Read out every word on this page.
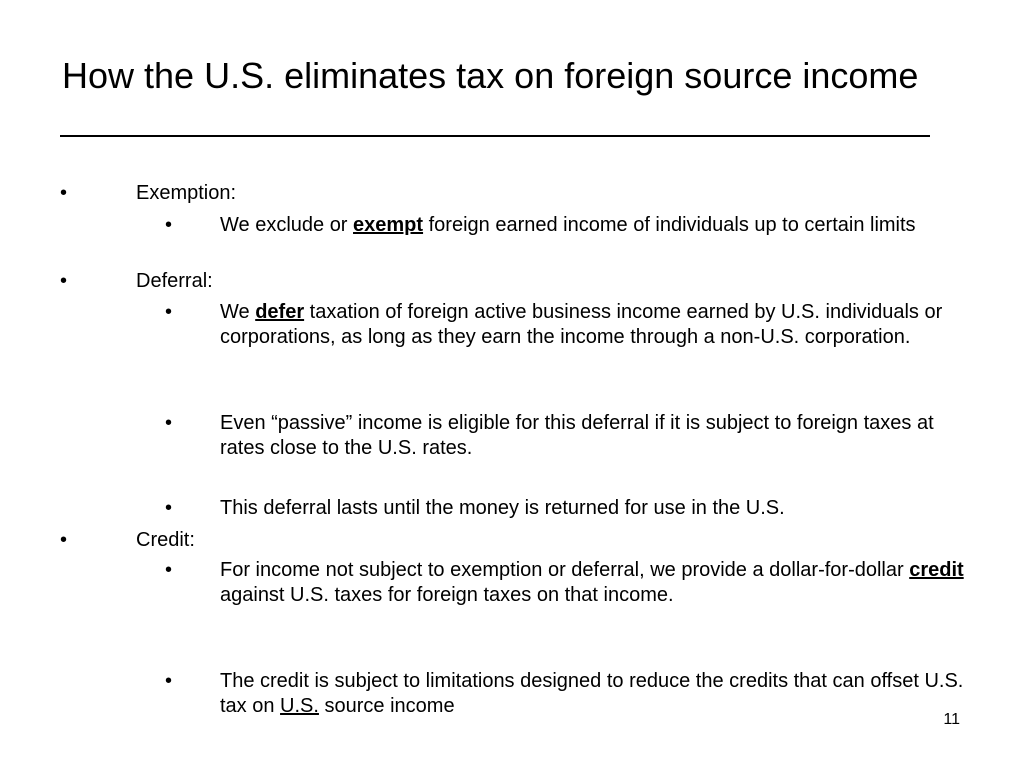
How the U.S. eliminates tax on foreign source income
•	Exemption:
• We exclude or exempt foreign earned income of individuals up to certain limits
•	Deferral:
• We defer taxation of foreign active business income earned by U.S. individuals or corporations, as long as they earn the income through a non-U.S. corporation.
• Even “passive” income is eligible for this deferral if it is subject to foreign taxes at rates close to the U.S. rates.
• This deferral lasts until the money is returned for use in the U.S.
•	Credit:
• For income not subject to exemption or deferral, we provide a dollar-for-dollar credit against U.S. taxes for foreign taxes on that income.
• The credit is subject to limitations designed to reduce the credits that can offset U.S. tax on U.S. source income
11
